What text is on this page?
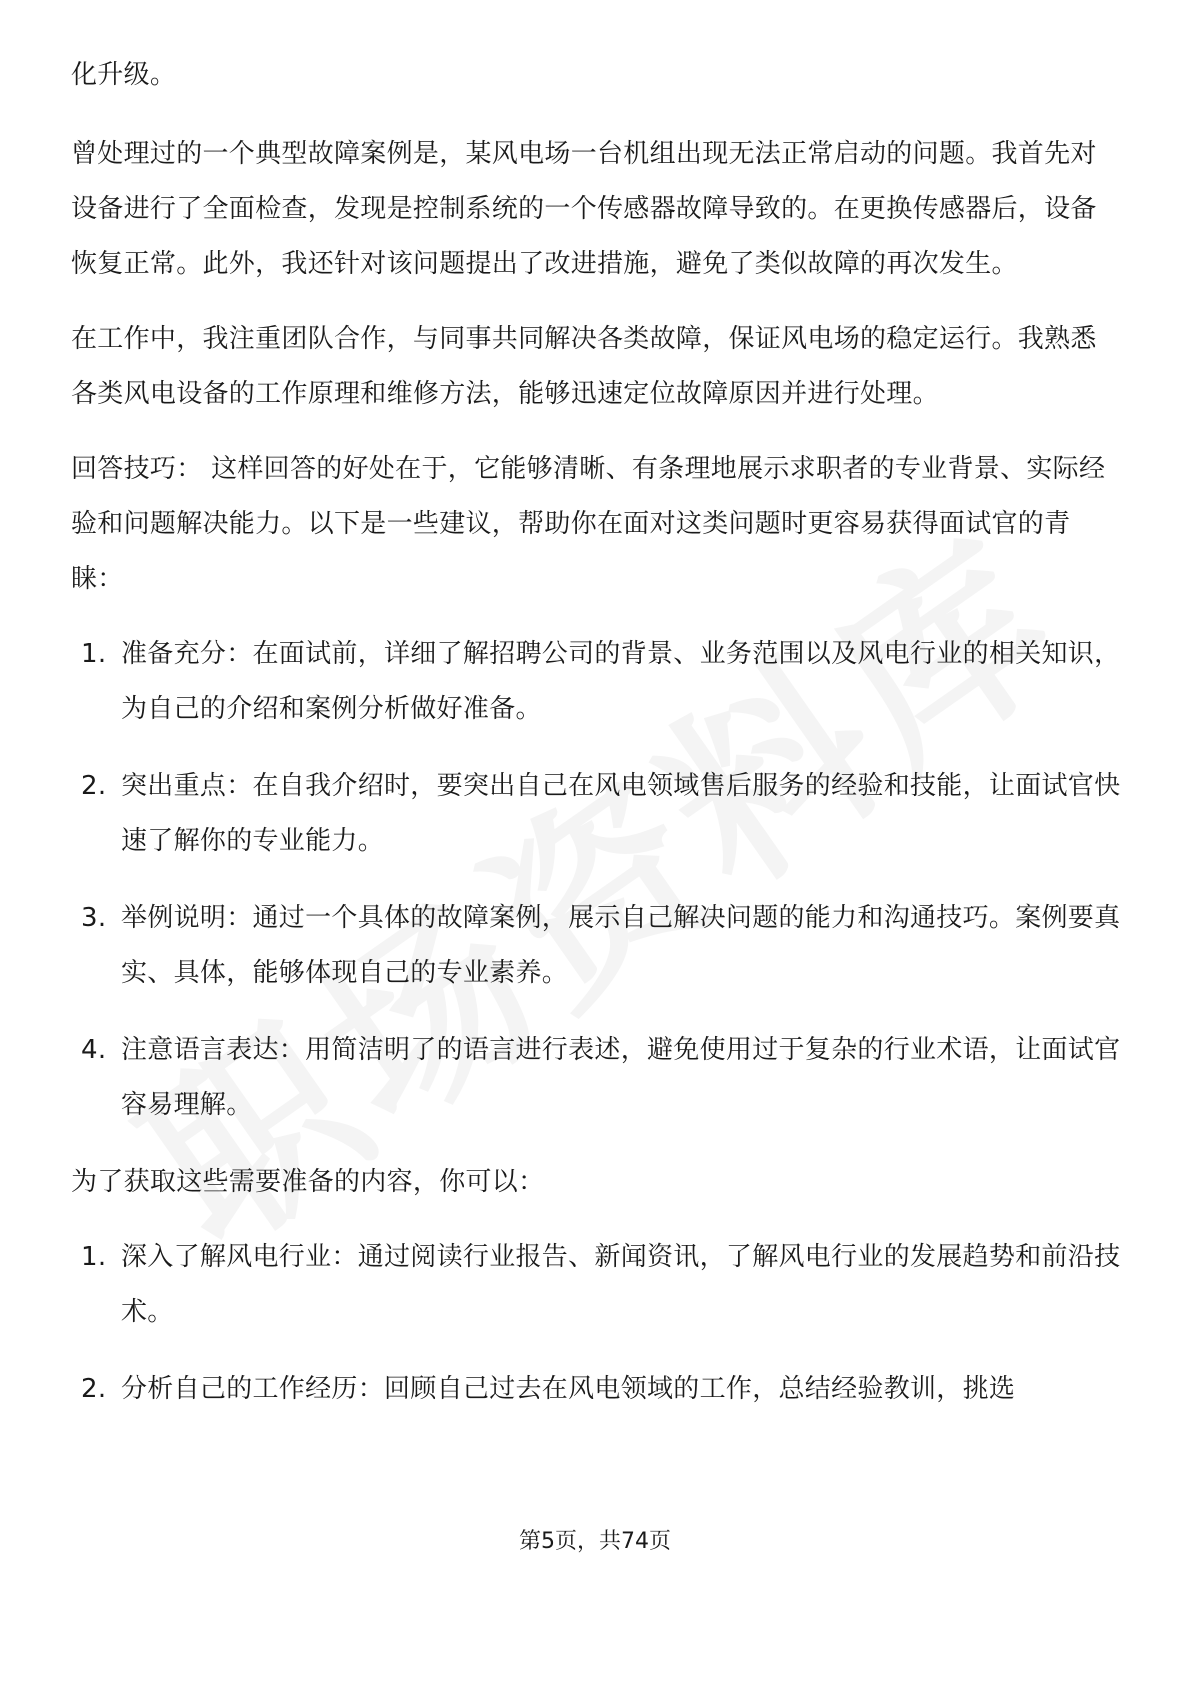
化升级。

曾处理过的一个典型故障案例是，某风电场一台机组出现无法正常启动的问题。我首先对设备进行了全面检查，发现是控制系统的一个传感器故障导致的。在更换传感器后，设备恢复正常。此外，我还针对该问题提出了改进措施，避免了类似故障的再次发生。

在工作中，我注重团队合作，与同事共同解决各类故障，保证风电场的稳定运行。我熟悉各类风电设备的工作原理和维修方法，能够迅速定位故障原因并进行处理。

回答技巧： 这样回答的好处在于，它能够清晰、有条理地展示求职者的专业背景、实际经验和问题解决能力。以下是一些建议，帮助你在面对这类问题时更容易获得面试官的青睐：

1. 准备充分：在面试前，详细了解招聘公司的背景、业务范围以及风电行业的相关知识，为自己的介绍和案例分析做好准备。
2. 突出重点：在自我介绍时，要突出自己在风电领域售后服务的经验和技能，让面试官快速了解你的专业能力。
3. 举例说明：通过一个具体的故障案例，展示自己解决问题的能力和沟通技巧。案例要真实、具体，能够体现自己的专业素养。
4. 注意语言表达：用简洁明了的语言进行表述，避免使用过于复杂的行业术语，让面试官容易理解。

为了获取这些需要准备的内容，你可以：

1. 深入了解风电行业：通过阅读行业报告、新闻资讯，了解风电行业的发展趋势和前沿技术。
2. 分析自己的工作经历：回顾自己过去在风电领域的工作，总结经验教训，挑选
第5页，共74页
